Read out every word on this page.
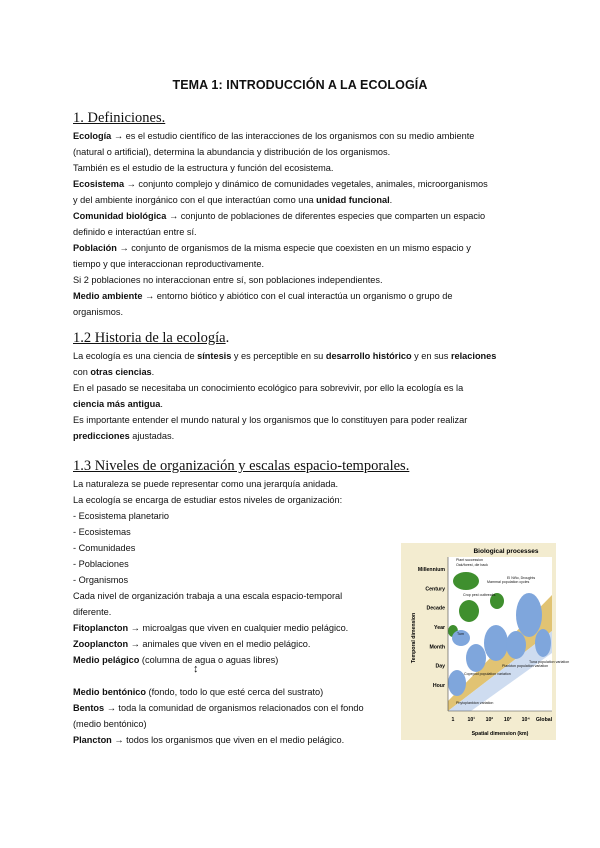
TEMA 1: INTRODUCCIÓN A LA ECOLOGÍA
1. Definiciones.
Ecología → es el estudio científico de las interacciones de los organismos con su medio ambiente
(natural o artificial), determina la abundancia y distribución de los organismos.
También es el estudio de la estructura y función del ecosistema.
Ecosistema → conjunto complejo y dinámico de comunidades vegetales, animales, microorganismos
y del ambiente inorgánico con el que interactúan como una unidad funcional.
Comunidad biológica → conjunto de poblaciones de diferentes especies que comparten un espacio
definido e interactúan entre sí.
Población → conjunto de organismos de la misma especie que coexisten en un mismo espacio y
tiempo y que interaccionan reproductivamente.
Si 2 poblaciones no interaccionan entre sí, son poblaciones independientes.
Medio ambiente → entorno biótico y abiótico con el cual interactúa un organismo o grupo de
organismos.
1.2 Historia de la ecología.
La ecología es una ciencia de síntesis y es perceptible en su desarrollo histórico y en sus relaciones
con otras ciencias.
En el pasado se necesitaba un conocimiento ecológico para sobrevivir, por ello la ecología es la
ciencia más antigua.
Es importante entender el mundo natural y los organismos que lo constituyen para poder realizar
predicciones ajustadas.
1.3 Niveles de organización y escalas espacio-temporales.
La naturaleza se puede representar como una jerarquía anidada.
La ecología se encarga de estudiar estos niveles de organización:
- Ecosistema planetario
- Ecosistemas
- Comunidades
- Poblaciones
- Organismos
Cada nivel de organización trabaja a una escala espacio-temporal
diferente.
Fitoplancton → microalgas que viven en cualquier medio pelágico.
Zooplancton → animales que viven en el medio pelágico.
Medio pelágico (columna de agua o aguas libres)
↕
Medio bentónico (fondo, todo lo que esté cerca del sustrato)
Bentos → toda la comunidad de organismos relacionados con el fondo
(medio bentónico)
Plancton → todos los organismos que viven en el medio pelágico.
Biological processes
Plant succession
Oak/forest, die back
El Niño, Droughts
Mammal population cycles
Crop pest outbreaks
Tuna population variation
Tum
Plankton population variation
Copepod population variation
Phytoplankton variation
Temporal dimension
Spatial dimension (km)
Millennium
Century
Decade
Year
Month
Day
Hour
1	10¹ 10² 10³ 10⁴ Global
